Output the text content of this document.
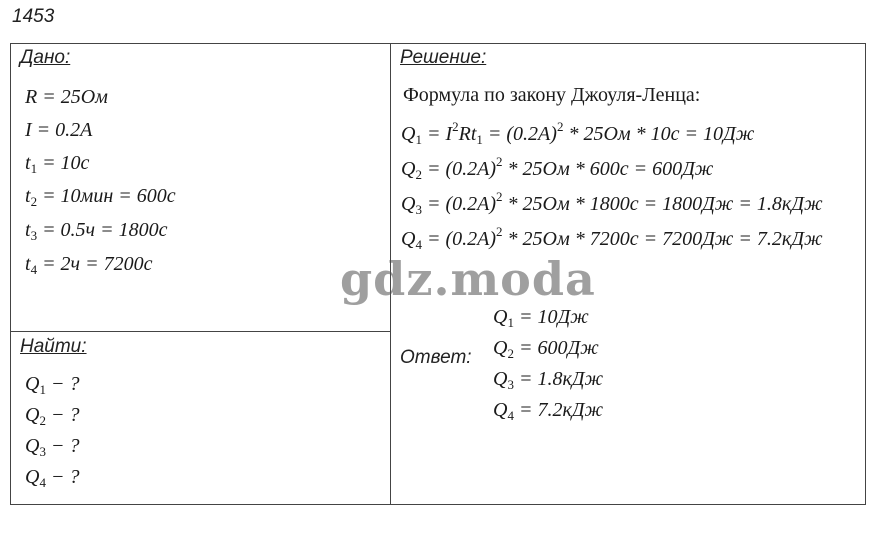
1453
Дано:
R = 25Ом
I = 0.2А
$t_1 = 10с$
$t_2 = 10мин = 600с$
$t_3 = 0.5ч = 1800с$
$t_4 = 2ч = 7200с$
Найти:
$Q_1$ − ?
$Q_2$ − ?
$Q_3$ − ?
$Q_4$ − ?
Решение:
Формула по закону Джоуля-Ленца:
$Q_1 = I^2Rt_1 = (0.2А)^2 * 25Ом * 10с = 10Дж$
$Q_2 = (0.2А)^2 * 25Ом * 600с = 600Дж$
$Q_3 = (0.2А)^2 * 25Ом * 1800с = 1800Дж = 1.8кДж$
$Q_4 = (0.2А)^2 * 25Ом * 7200с = 7200Дж = 7.2кДж$
Ответ:
$Q_1 = 10Дж$
$Q_2 = 600Дж$
$Q_3 = 1.8кДж$
$Q_4 = 7.2кДж$
gdz.moda
